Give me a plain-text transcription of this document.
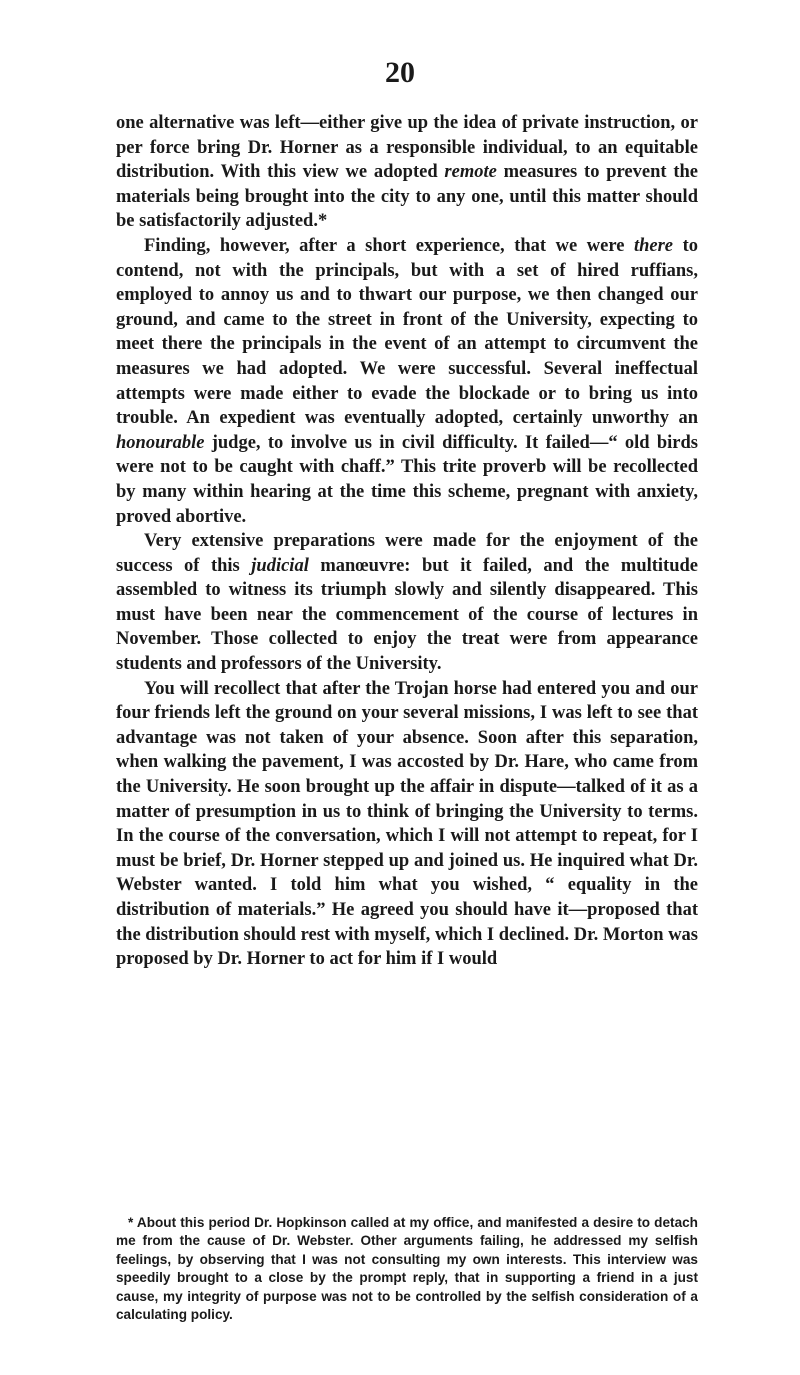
20

one alternative was left—either give up the idea of private instruction, or per force bring Dr. Horner as a responsible individual, to an equitable distribution. With this view we adopted remote measures to prevent the materials being brought into the city to any one, until this matter should be satisfactorily adjusted.*

Finding, however, after a short experience, that we were there to contend, not with the principals, but with a set of hired ruffians, employed to annoy us and to thwart our purpose, we then changed our ground, and came to the street in front of the University, expecting to meet there the principals in the event of an attempt to circumvent the measures we had adopted. We were successful. Several ineffectual attempts were made either to evade the blockade or to bring us into trouble. An expedient was eventually adopted, certainly unworthy an honourable judge, to involve us in civil difficulty. It failed—“ old birds were not to be caught with chaff.” This trite proverb will be recollected by many within hearing at the time this scheme, pregnant with anxiety, proved abortive.

Very extensive preparations were made for the enjoyment of the success of this judicial manœuvre: but it failed, and the multitude assembled to witness its triumph slowly and silently disappeared. This must have been near the commencement of the course of lectures in November. Those collected to enjoy the treat were from appearance students and professors of the University.

You will recollect that after the Trojan horse had entered you and our four friends left the ground on your several missions, I was left to see that advantage was not taken of your absence. Soon after this separation, when walking the pavement, I was accosted by Dr. Hare, who came from the University. He soon brought up the affair in dispute—talked of it as a matter of presumption in us to think of bringing the University to terms. In the course of the conversation, which I will not attempt to repeat, for I must be brief, Dr. Horner stepped up and joined us. He inquired what Dr. Webster wanted. I told him what you wished, “ equality in the distribution of materials.” He agreed you should have it—proposed that the distribution should rest with myself, which I declined. Dr. Morton was proposed by Dr. Horner to act for him if I would

* About this period Dr. Hopkinson called at my office, and manifested a desire to detach me from the cause of Dr. Webster. Other arguments failing, he addressed my selfish feelings, by observing that I was not consulting my own interests. This interview was speedily brought to a close by the prompt reply, that in supporting a friend in a just cause, my integrity of purpose was not to be controlled by the selfish consideration of a calculating policy.
